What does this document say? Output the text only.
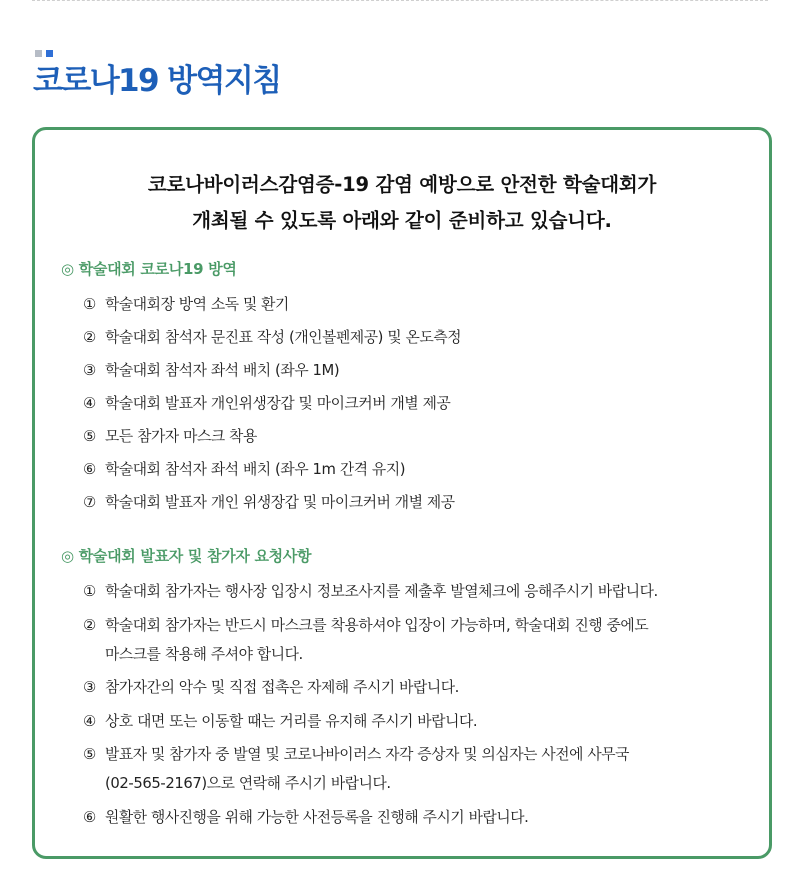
코로나19 방역지침
코로나바이러스감염증-19 감염 예방으로 안전한 학술대회가
개최될 수 있도록 아래와 같이 준비하고 있습니다.
◎ 학술대회 코로나19 방역
① 학술대회장 방역 소독 및 환기
② 학술대회 참석자 문진표 작성 (개인볼펜제공) 및 온도측정
③ 학술대회 참석자 좌석 배치 (좌우 1M)
④ 학술대회 발표자 개인위생장갑 및 마이크커버 개별 제공
⑤ 모든 참가자 마스크 착용
⑥ 학술대회 참석자 좌석 배치 (좌우 1m 간격 유지)
⑦ 학술대회 발표자 개인 위생장갑 및 마이크커버 개별 제공
◎ 학술대회 발표자 및 참가자 요청사항
① 학술대회 참가자는 행사장 입장시 정보조사지를 제출후 발열체크에 응해주시기 바랍니다.
② 학술대회 참가자는 반드시 마스크를 착용하셔야 입장이 가능하며, 학술대회 진행 중에도
마스크를 착용해 주셔야 합니다.
③ 참가자간의 악수 및 직접 접촉은 자제해 주시기 바랍니다.
④ 상호 대면 또는 이동할 때는 거리를 유지해 주시기 바랍니다.
⑤ 발표자 및 참가자 중 발열 및 코로나바이러스 자각 증상자 및 의심자는 사전에 사무국
(02-565-2167)으로 연락해 주시기 바랍니다.
⑥ 원활한 행사진행을 위해 가능한 사전등록을 진행해 주시기 바랍니다.
